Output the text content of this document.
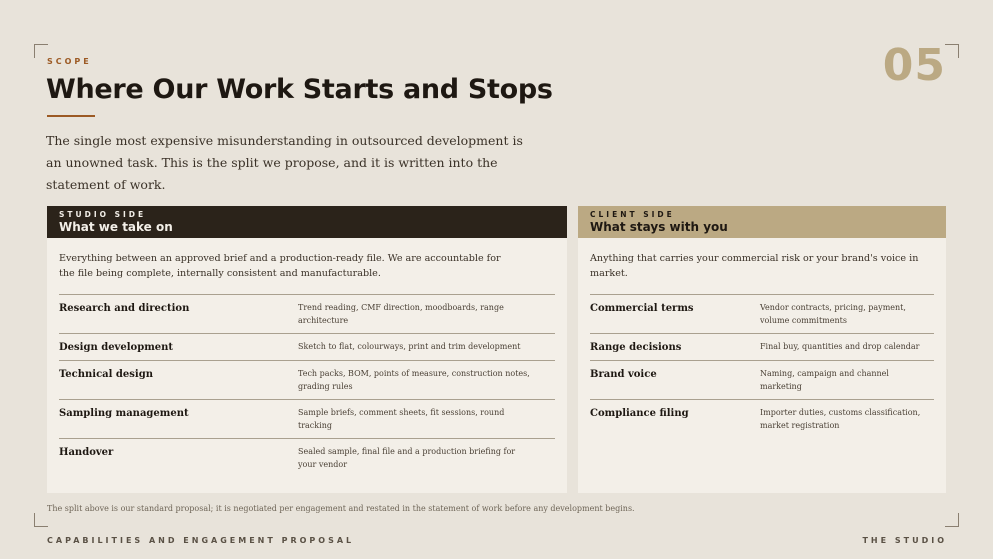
SCOPE	05
Where Our Work Starts and Stops

The single most expensive misunderstanding in outsourced development is an unowned task. This is the split we propose, and it is written into the statement of work.

STUDIO SIDE
What we take on

Everything between an approved brief and a production-ready file. We are accountable for the file being complete, internally consistent and manufacturable.

Research and direction	Trend reading, CMF direction, moodboards, range architecture
Design development	Sketch to flat, colourways, print and trim development
Technical design	Tech packs, BOM, points of measure, construction notes, grading rules
Sampling management	Sample briefs, comment sheets, fit sessions, round tracking
Handover	Sealed sample, final file and a production briefing for your vendor
CLIENT SIDE
What stays with you

Anything that carries your commercial risk or your brand's voice in market.

Commercial terms	Vendor contracts, pricing, payment, volume commitments
Range decisions	Final buy, quantities and drop calendar
Brand voice	Naming, campaign and channel marketing
Compliance filing	Importer duties, customs classification, market registration

The split above is our standard proposal; it is negotiated per engagement and restated in the statement of work before any development begins.

CAPABILITIES AND ENGAGEMENT PROPOSAL	THE STUDIO
